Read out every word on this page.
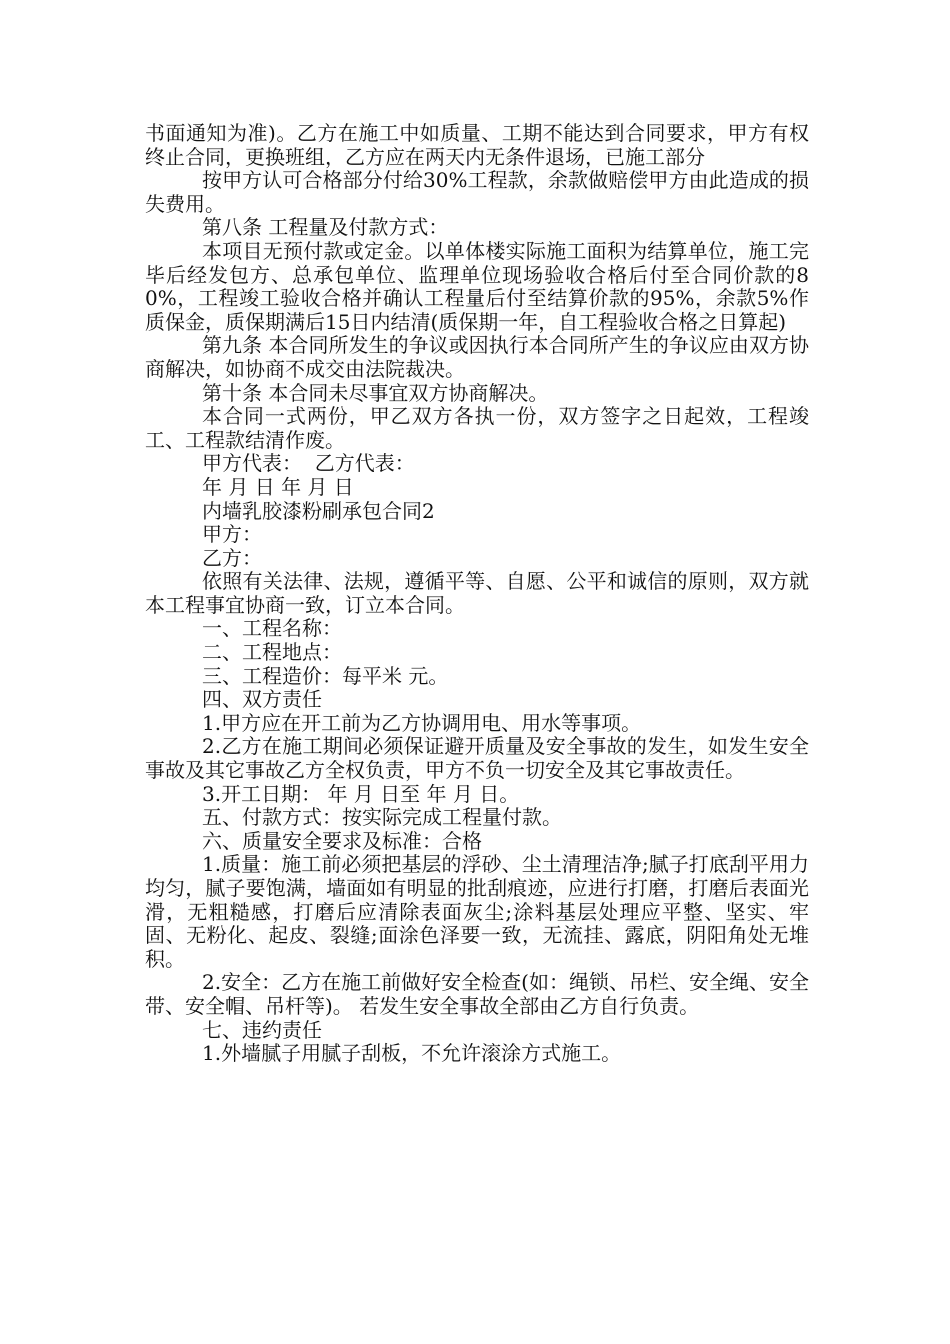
书面通知为准)。乙方在施工中如质量、工期不能达到合同要求，甲方有权终止合同，更换班组，乙方应在两天内无条件退场，已施工部分

按甲方认可合格部分付给30%工程款，余款做赔偿甲方由此造成的损失费用。

第八条 工程量及付款方式：

本项目无预付款或定金。以单体楼实际施工面积为结算单位，施工完毕后经发包方、总承包单位、监理单位现场验收合格后付至合同价款的80%，工程竣工验收合格并确认工程量后付至结算价款的95%，余款5%作质保金，质保期满后15日内结清(质保期一年，自工程验收合格之日算起)

第九条 本合同所发生的争议或因执行本合同所产生的争议应由双方协商解决，如协商不成交由法院裁决。

第十条 本合同未尽事宜双方协商解决。

本合同一式两份，甲乙双方各执一份，双方签字之日起效，工程竣工、工程款结清作废。

甲方代表：  乙方代表：

年 月 日 年 月 日

内墙乳胶漆粉刷承包合同2

甲方：

乙方：

依照有关法律、法规，遵循平等、自愿、公平和诚信的原则，双方就本工程事宜协商一致，订立本合同。

一、工程名称：

二、工程地点：

三、工程造价：每平米 元。

四、双方责任

1.甲方应在开工前为乙方协调用电、用水等事项。

2.乙方在施工期间必须保证避开质量及安全事故的发生，如发生安全事故及其它事故乙方全权负责，甲方不负一切安全及其它事故责任。

3.开工日期： 年 月 日至 年 月 日。

五、付款方式：按实际完成工程量付款。

六、质量安全要求及标准：合格

1.质量：施工前必须把基层的浮砂、尘土清理洁净;腻子打底刮平用力均匀，腻子要饱满，墙面如有明显的批刮痕迹，应进行打磨，打磨后表面光滑，无粗糙感，打磨后应清除表面灰尘;涂料基层处理应平整、坚实、牢固、无粉化、起皮、裂缝;面涂色泽要一致，无流挂、露底，阴阳角处无堆积。

2.安全：乙方在施工前做好安全检查(如：绳锁、吊栏、安全绳、安全带、安全帽、吊杆等)。 若发生安全事故全部由乙方自行负责。

七、违约责任

1.外墙腻子用腻子刮板，不允许滚涂方式施工。
